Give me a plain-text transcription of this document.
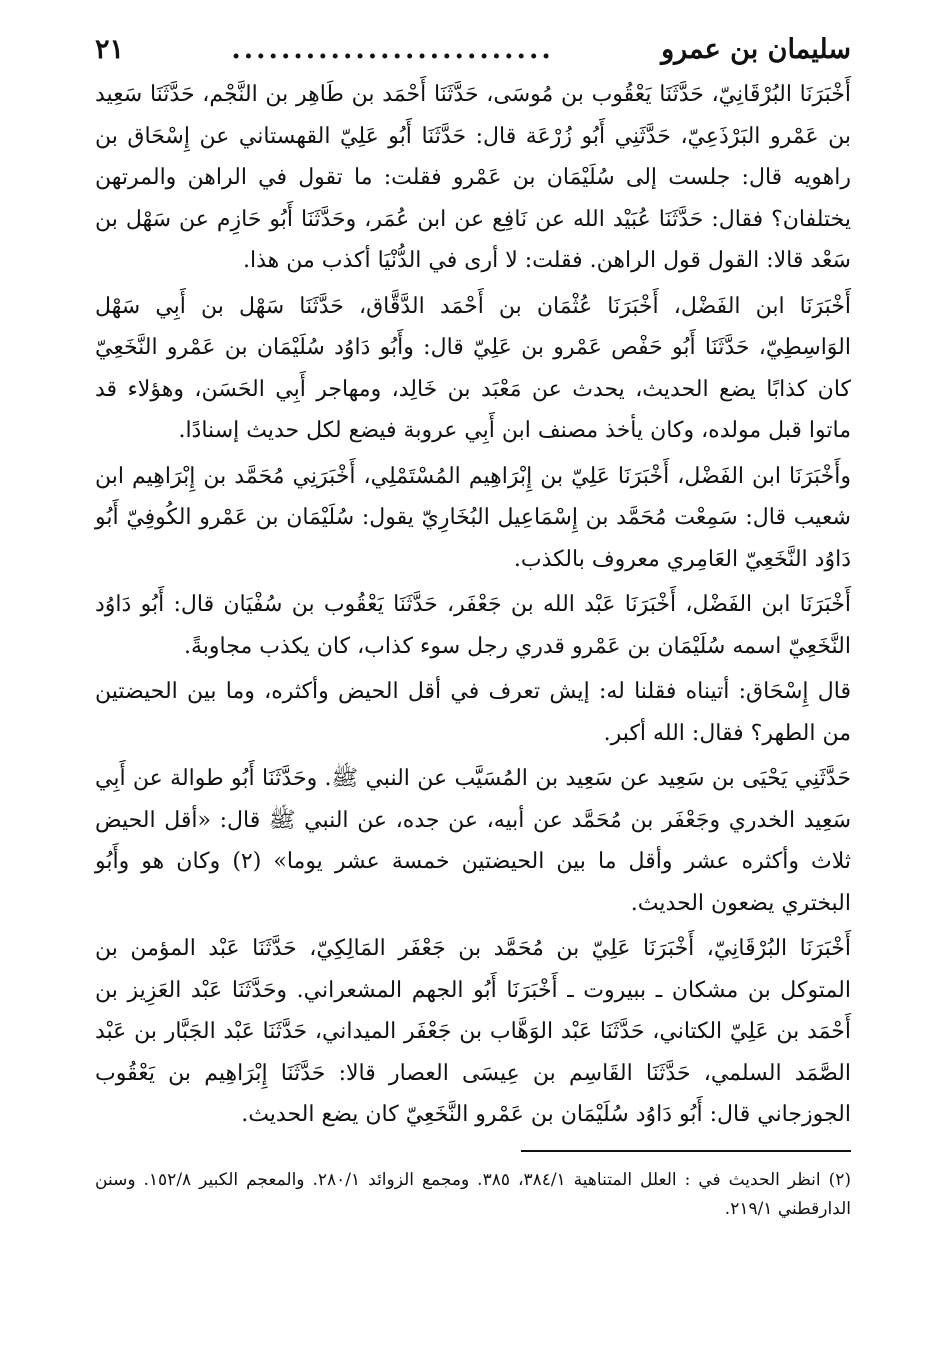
سليمان بن عمرو
..........................
٢١

أَخْبَرَنَا البُرْقَانِيّ، حَدَّثَنَا يَعْقُوب بن مُوسَى، حَدَّثَنَا أَحْمَد بن طَاهِر بن النَّجْم، حَدَّثَنَا سَعِيد بن عَمْرو البَرْذَعِيّ، حَدَّثَنِي أَبُو زُرْعَة قال: حَدَّثَنَا أَبُو عَلِيّ القهستاني عن إِسْحَاق بن راهويه قال: جلست إلى سُلَيْمَان بن عَمْرو فقلت: ما تقول في الراهن والمرتهن يختلفان؟ فقال: حَدَّثَنَا عُبَيْد الله عن نَافِع عن ابن عُمَر، وحَدَّثَنَا أَبُو حَازِم عن سَهْل بن سَعْد قالا: القول قول الراهن. فقلت: لا أرى في الدُّنْيَا أكذب من هذا.

أَخْبَرَنَا ابن الفَضْل، أَخْبَرَنَا عُثْمَان بن أَحْمَد الدَّقَّاق، حَدَّثَنَا سَهْل بن أَبِي سَهْل الوَاسِطِيّ، حَدَّثَنَا أَبُو حَفْص عَمْرو بن عَلِيّ قال: وأَبُو دَاوُد سُلَيْمَان بن عَمْرو النَّخَعِيّ كان كذابًا يضع الحديث، يحدث عن مَعْبَد بن خَالِد، ومهاجر أَبِي الحَسَن، وهؤلاء قد ماتوا قبل مولده، وكان يأخذ مصنف ابن أَبِي عروبة فيضع لكل حديث إسنادًا.

وأَخْبَرَنَا ابن الفَضْل، أَخْبَرَنَا عَلِيّ بن إِبْرَاهِيم المُسْتَمْلِي، أَخْبَرَنِي مُحَمَّد بن إِبْرَاهِيم ابن شعيب قال: سَمِعْت مُحَمَّد بن إِسْمَاعِيل البُخَارِيّ يقول: سُلَيْمَان بن عَمْرو الكُوفِيّ أَبُو دَاوُد النَّخَعِيّ العَامِري معروف بالكذب.

أَخْبَرَنَا ابن الفَضْل، أَخْبَرَنَا عَبْد الله بن جَعْفَر، حَدَّثَنَا يَعْقُوب بن سُفْيَان قال: أَبُو دَاوُد النَّخَعِيّ اسمه سُلَيْمَان بن عَمْرو قدري رجل سوء كذاب، كان يكذب مجاوبةً.

قال إِسْحَاق: أتيناه فقلنا له: إيش تعرف في أقل الحيض وأكثره، وما بين الحيضتين من الطهر؟ فقال: الله أكبر.

حَدَّثَنِي يَحْيَى بن سَعِيد عن سَعِيد بن المُسَيَّب عن النبي ﷺ. وحَدَّثَنَا أَبُو طوالة عن أَبِي سَعِيد الخدري وجَعْفَر بن مُحَمَّد عن أبيه، عن جده، عن النبي ﷺ قال: «أقل الحيض ثلاث وأكثره عشر وأقل ما بين الحيضتين خمسة عشر يوما» (٢) وكان هو وأَبُو البختري يضعون الحديث.

أَخْبَرَنَا البُرْقَانِيّ، أَخْبَرَنَا عَلِيّ بن مُحَمَّد بن جَعْفَر المَالِكِيّ، حَدَّثَنَا عَبْد المؤمن بن المتوكل بن مشكان ـ ببيروت ـ أَخْبَرَنَا أَبُو الجهم المشعراني. وحَدَّثَنَا عَبْد العَزِيز بن أَحْمَد بن عَلِيّ الكتاني، حَدَّثَنَا عَبْد الوَهَّاب بن جَعْفَر الميداني، حَدَّثَنَا عَبْد الجَبَّار بن عَبْد الصَّمَد السلمي، حَدَّثَنَا القَاسِم بن عِيسَى العصار قالا: حَدَّثَنَا إِبْرَاهِيم بن يَعْقُوب الجوزجاني قال: أَبُو دَاوُد سُلَيْمَان بن عَمْرو النَّخَعِيّ كان يضع الحديث.

(٢) انظر الحديث في : العلل المتناهية ٣٨٤/١، ٣٨٥. ومجمع الزوائد ٢٨٠/١. والمعجم الكبير ١٥٢/٨. وسنن الدارقطني ٢١٩/١.
